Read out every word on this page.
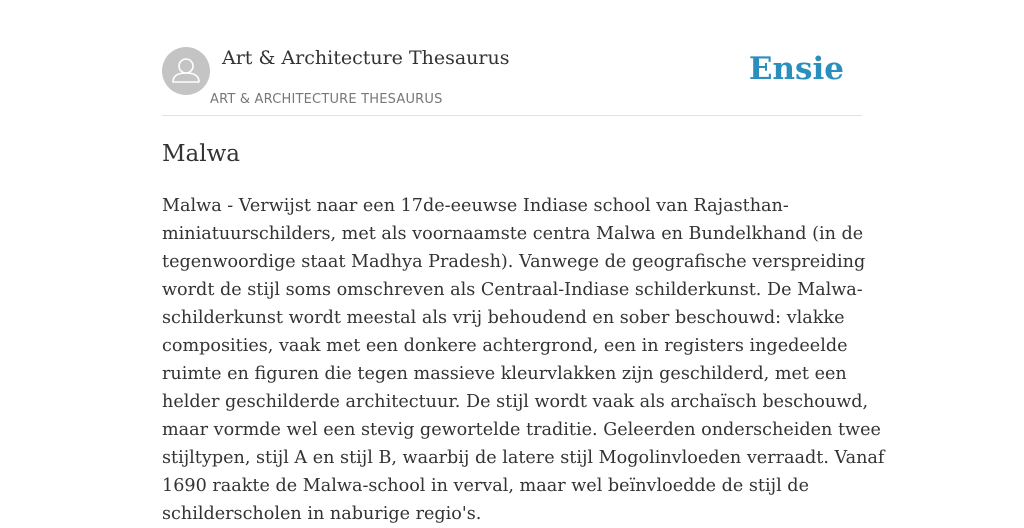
Art & Architecture Thesaurus
ART & ARCHITECTURE THESAURUS
Ensie
Malwa

Malwa - Verwijst naar een 17de-eeuwse Indiase school van Rajasthan-
miniatuurschilders, met als voornaamste centra Malwa en Bundelkhand (in de
tegenwoordige staat Madhya Pradesh). Vanwege de geografische verspreiding
wordt de stijl soms omschreven als Centraal-Indiase schilderkunst. De Malwa-
schilderkunst wordt meestal als vrij behoudend en sober beschouwd: vlakke
composities, vaak met een donkere achtergrond, een in registers ingedeelde
ruimte en figuren die tegen massieve kleurvlakken zijn geschilderd, met een
helder geschilderde architectuur. De stijl wordt vaak als archaïsch beschouwd,
maar vormde wel een stevig gewortelde traditie. Geleerden onderscheiden twee
stijltypen, stijl A en stijl B, waarbij de latere stijl Mogolinvloeden verraadt. Vanaf
1690 raakte de Malwa-school in verval, maar wel beïnvloedde de stijl de
schilderscholen in naburige regio's.
